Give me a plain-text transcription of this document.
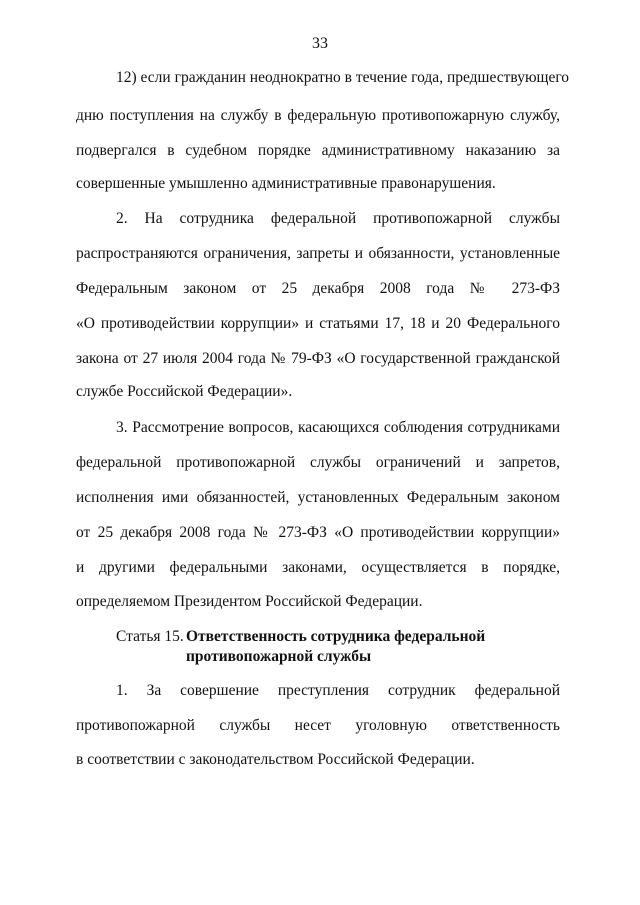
33
12) если гражданин неоднократно в течение года, предшествующего
дню поступления на службу в федеральную противопожарную службу,
подвергался в судебном порядке административному наказанию за
совершенные умышленно административные правонарушения.
2. На сотрудника федеральной противопожарной службы
распространяются ограничения, запреты и обязанности, установленные
Федеральным законом от 25 декабря 2008 года № 273-ФЗ
«О противодействии коррупции» и статьями 17, 18 и 20 Федерального
закона от 27 июля 2004 года № 79-ФЗ «О государственной гражданской
службе Российской Федерации».
3. Рассмотрение вопросов, касающихся соблюдения сотрудниками
федеральной противопожарной службы ограничений и запретов,
исполнения ими обязанностей, установленных Федеральным законом
от 25 декабря 2008 года № 273-ФЗ «О противодействии коррупции»
и другими федеральными законами, осуществляется в порядке,
определяемом Президентом Российской Федерации.
Статья 15. Ответственность сотрудника федеральной
противопожарной службы
1. За совершение преступления сотрудник федеральной
противопожарной службы несет уголовную ответственность
в соответствии с законодательством Российской Федерации.
